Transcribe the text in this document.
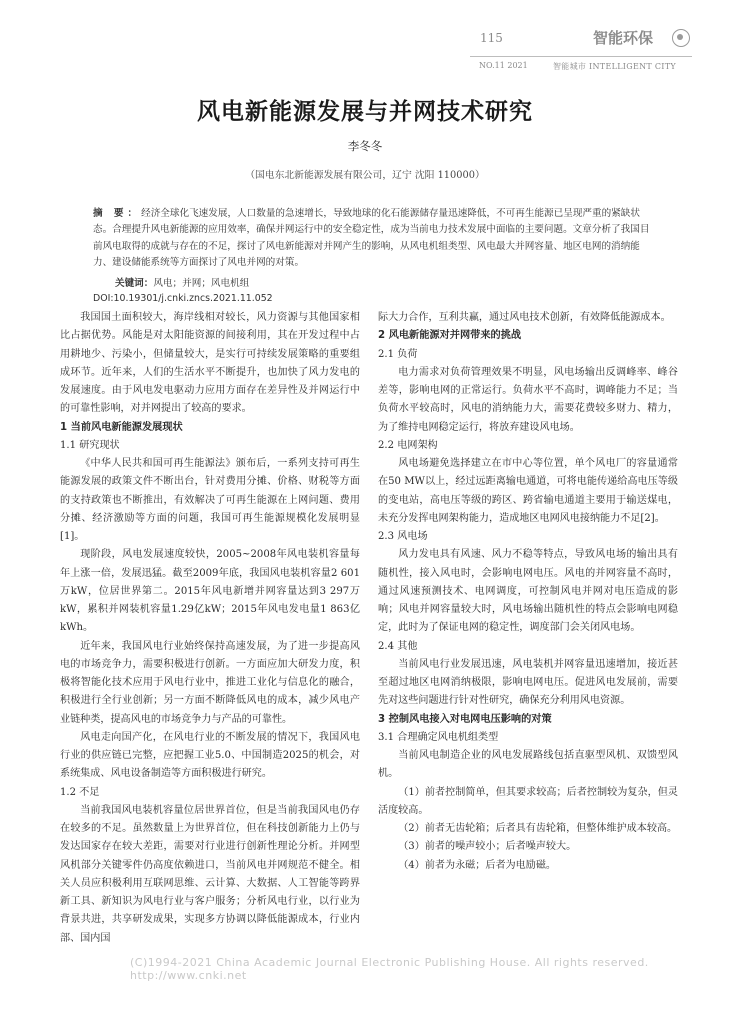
115	智能环保
NO.11 2021	智能城市 INTELLIGENT CITY
风电新能源发展与并网技术研究
李冬冬
（国电东北新能源发展有限公司，辽宁 沈阳 110000）
摘 要：经济全球化飞速发展，人口数量的急速增长，导致地球的化石能源储存量迅速降低，不可再生能源已呈现严重的紧缺状态。合理提升风电新能源的应用效率，确保并网运行中的安全稳定性，成为当前电力技术发展中面临的主要问题。文章分析了我国目前风电取得的成就与存在的不足，探讨了风电新能源对并网产生的影响，从风电机组类型、风电最大并网容量、地区电网的消纳能力、建设储能系统等方面探讨了风电并网的对策。
关键词：风电；并网；风电机组
DOI:10.19301/j.cnki.zncs.2021.11.052

我国国土面积较大，海岸线相对较长，风力资源与其他国家相比占据优势。风能是对太阳能资源的间接利用，其在开发过程中占用耕地少、污染小，但储量较大，是实行可持续发展策略的重要组成环节。近年来，人们的生活水平不断提升，也加快了风力发电的发展速度。由于风电发电驱动力应用方面存在差异性及并网运行中的可靠性影响，对并网提出了较高的要求。

1 当前风电新能源发展现状
1.1 研究现状

《中华人民共和国可再生能源法》颁布后，一系列支持可再生能源发展的政策文件不断出台，针对费用分摊、价格、财税等方面的支持政策也不断推出，有效解决了可再生能源在上网问题、费用分摊、经济激励等方面的问题，我国可再生能源规模化发展明显[1]。

现阶段，风电发展速度较快，2005~2008年风电装机容量每年上涨一倍，发展迅猛。截至2009年底，我国风电装机容量2 601万kW，位居世界第二。2015年风电新增并网容量达到3 297万kW，累积并网装机容量1.29亿kW；2015年风电发电量1 863亿kWh。

近年来，我国风电行业始终保持高速发展，为了进一步提高风电的市场竞争力，需要积极进行创新。一方面应加大研发力度，积极将智能化技术应用于风电行业中，推进工业化与信息化的融合，积极进行全行业创新；另一方面不断降低风电的成本，减少风电产业链种类，提高风电的市场竞争力与产品的可靠性。

风电走向国产化，在风电行业的不断发展的情况下，我国风电行业的供应链已完整，应把握工业5.0、中国制造2025的机会，对系统集成、风电设备制造等方面积极进行研究。

1.2 不足

当前我国风电装机容量位居世界首位，但是当前我国风电仍存在较多的不足。虽然数量上为世界首位，但在科技创新能力上仍与发达国家存在较大差距，需要对行业进行创新性理论分析。并网型风机部分关键零件仍高度依赖进口，当前风电并网规范不健全。相关人员应积极利用互联网思维、云计算、大数据、人工智能等跨界新工具、新知识为风电行业与客户服务；分析风电行业，以行业为背景共进，共享研发成果，实现多方协调以降低能源成本，行业内部、国内国

际大力合作，互利共赢，通过风电技术创新，有效降低能源成本。

2 风电新能源对并网带来的挑战
2.1 负荷

电力需求对负荷管理效果不明显，风电场输出反调峰率、峰谷差等，影响电网的正常运行。负荷水平不高时，调峰能力不足；当负荷水平较高时，风电的消纳能力大，需要花费较多财力、精力，为了维持电网稳定运行，将放弃建设风电场。

2.2 电网架构

风电场避免选择建立在市中心等位置，单个风电厂的容量通常在50 MW以上，经过远距离输电通道，可将电能传递给高电压等级的变电站，高电压等级的跨区、跨省输电通道主要用于输送煤电，未充分发挥电网架构能力，造成地区电网风电接纳能力不足[2]。

2.3 风电场

风力发电具有风速、风力不稳等特点，导致风电场的输出具有随机性，接入风电时，会影响电网电压。风电的并网容量不高时，通过风速预测技术、电网调度，可控制风电并网对电压造成的影响；风电并网容量较大时，风电场输出随机性的特点会影响电网稳定，此时为了保证电网的稳定性，调度部门会关闭风电场。

2.4 其他

当前风电行业发展迅速，风电装机并网容量迅速增加，接近甚至超过地区电网消纳极限，影响电网电压。促进风电发展前，需要先对这些问题进行针对性研究，确保充分利用风电资源。

3 控制风电接入对电网电压影响的对策
3.1 合理确定风电机组类型

当前风电制造企业的风电发展路线包括直驱型风机、双馈型风机。

（1）前者控制简单，但其要求较高；后者控制较为复杂，但灵活度较高。

（2）前者无齿轮箱；后者具有齿轮箱，但整体维护成本较高。

（3）前者的噪声较小；后者噪声较大。

（4）前者为永磁；后者为电励磁。

(C)1994-2021 China Academic Journal Electronic Publishing House. All rights reserved. http://www.cnki.net
